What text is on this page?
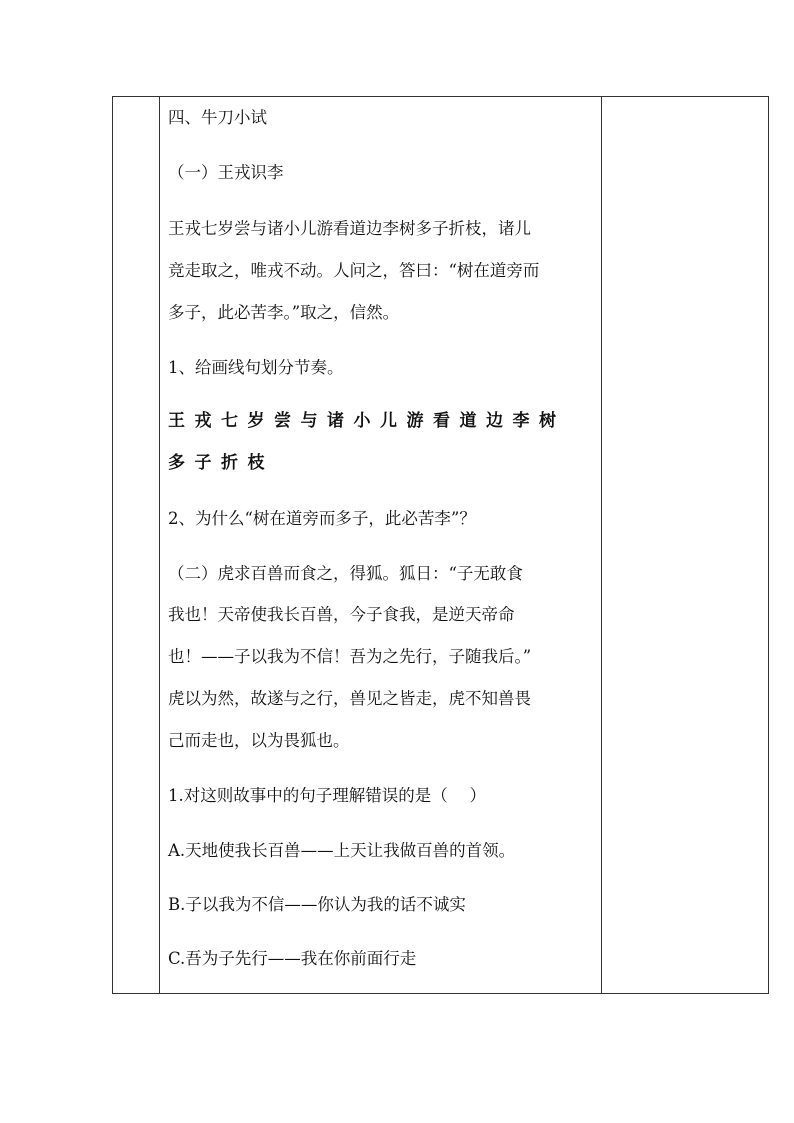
四、牛刀小试
（一）王戎识李
王戎七岁尝与诸小儿游看道边李树多子折枝，诸儿
竞走取之，唯戎不动。人问之，答曰：“树在道旁而
多子，此必苦李。”取之，信然。
1、给画线句划分节奏。
王戎七岁尝与诸小儿游看道边李树
多子折枝
2、为什么“树在道旁而多子，此必苦李”？
（二）虎求百兽而食之，得狐。狐日：“子无敢食
我也！天帝使我长百兽，今子食我，是逆天帝命
也！——子以我为不信！吾为之先行，子随我后。”
虎以为然，故遂与之行，兽见之皆走，虎不知兽畏
己而走也，以为畏狐也。
1.对这则故事中的句子理解错误的是（　 ）
A.天地使我长百兽——上天让我做百兽的首领。
B.子以我为不信——你认为我的话不诚实
C.吾为子先行——我在你前面行走
